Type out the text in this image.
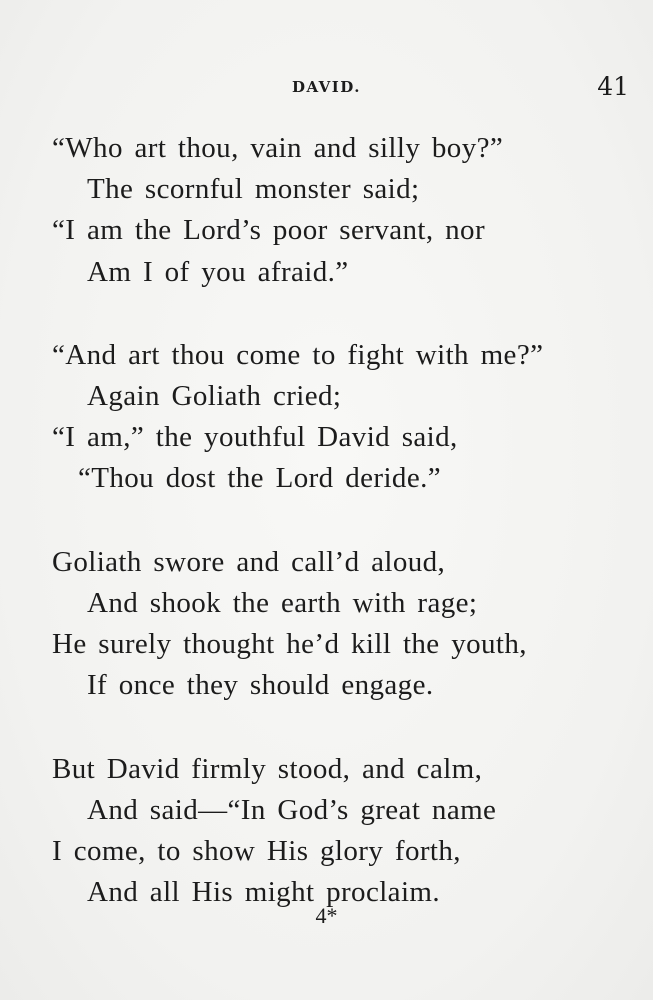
DAVID.	41
“Who art thou, vain and silly boy?”
The scornful monster said;
“I am the Lord’s poor servant, nor
Am I of you afraid.”
“And art thou come to fight with me?”
Again Goliath cried;
“I am,” the youthful David said,
“Thou dost the Lord deride.”
Goliath swore and call’d aloud,
And shook the earth with rage;
He surely thought he’d kill the youth,
If once they should engage.
But David firmly stood, and calm,
And said—“In God’s great name
I come, to show His glory forth,
And all His might proclaim.
4*
